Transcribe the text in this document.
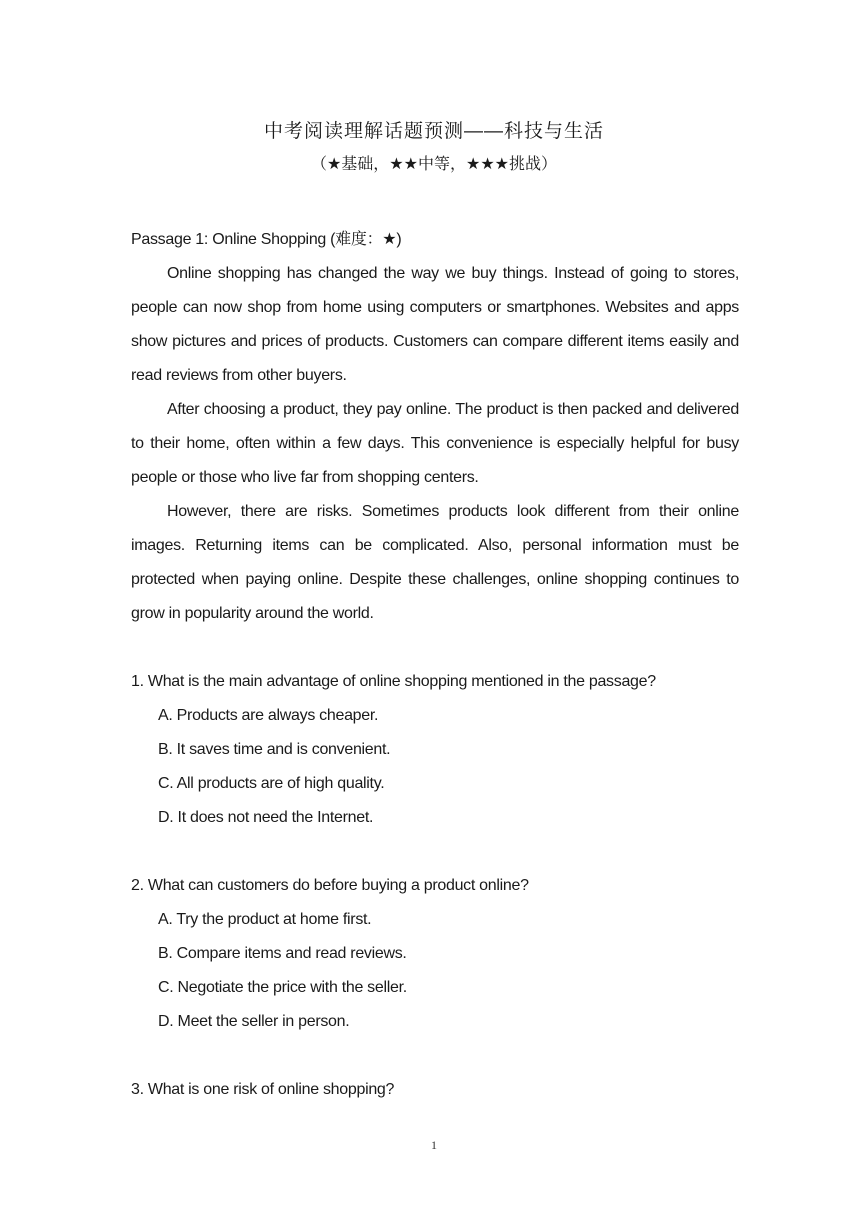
中考阅读理解话题预测——科技与生活
（★基础，★★中等，★★★挑战）

Passage 1: Online Shopping (难度：★)

Online shopping has changed the way we buy things. Instead of going to stores, people can now shop from home using computers or smartphones. Websites and apps show pictures and prices of products. Customers can compare different items easily and read reviews from other buyers.

After choosing a product, they pay online. The product is then packed and delivered to their home, often within a few days. This convenience is especially helpful for busy people or those who live far from shopping centers.

However, there are risks. Sometimes products look different from their online images. Returning items can be complicated. Also, personal information must be protected when paying online. Despite these challenges, online shopping continues to grow in popularity around the world.

1. What is the main advantage of online shopping mentioned in the passage?

A. Products are always cheaper.

B. It saves time and is convenient.

C. All products are of high quality.

D. It does not need the Internet.

2. What can customers do before buying a product online?

A. Try the product at home first.

B. Compare items and read reviews.

C. Negotiate the price with the seller.

D. Meet the seller in person.

3. What is one risk of online shopping?

1
